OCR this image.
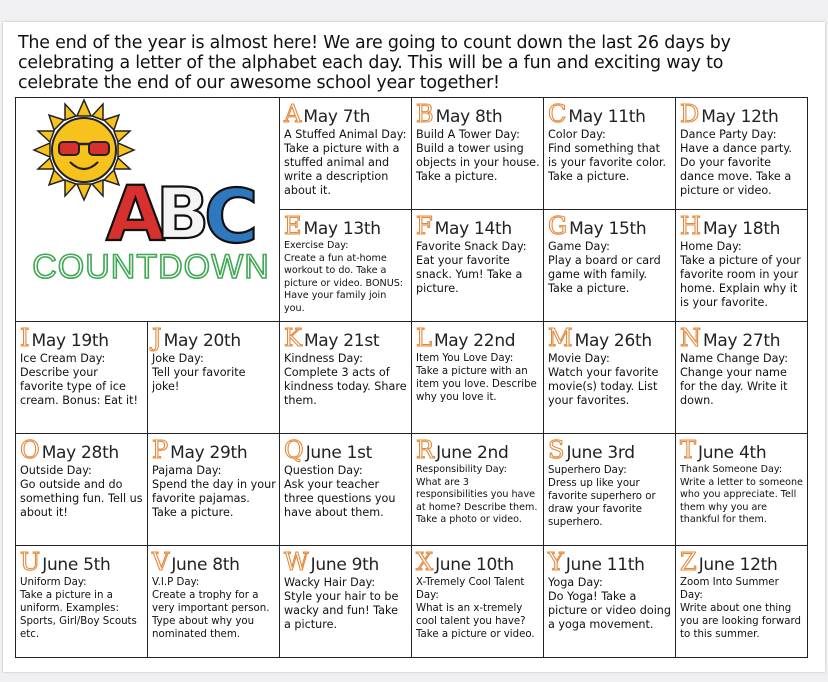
The end of the year is almost here! We are going to count down the last 26 days by celebrating a letter of the alphabet each day. This will be a fun and exciting way to celebrate the end of our awesome school year together!
A
B
C
COUNTDOWN
A May 7th
A Stuffed Animal Day:
Take a picture with a stuffed animal and write a description about it.
B May 8th
Build A Tower Day:
Build a tower using objects in your house. Take a picture.
C May 11th
Color Day:
Find something that is your favorite color. Take a picture.
D May 12th
Dance Party Day:
Have a dance party. Do your favorite dance move. Take a picture or video.
E May 13th
Exercise Day:
Create a fun at-home workout to do. Take a picture or video. BONUS: Have your family join you.
F May 14th
Favorite Snack Day:
Eat your favorite snack. Yum! Take a picture.
G May 15th
Game Day:
Play a board or card game with family. Take a picture.
H May 18th
Home Day:
Take a picture of your favorite room in your home. Explain why it is your favorite.
I May 19th
Ice Cream Day:
Describe your favorite type of ice cream. Bonus: Eat it!
J May 20th
Joke Day:
Tell your favorite joke!
K May 21st
Kindness Day:
Complete 3 acts of kindness today. Share them.
L May 22nd
Item You Love Day:
Take a picture with an item you love. Describe why you love it.
M May 26th
Movie Day:
Watch your favorite movie(s) today. List your favorites.
N May 27th
Name Change Day:
Change your name for the day. Write it down.
O May 28th
Outside Day:
Go outside and do something fun. Tell us about it!
P May 29th
Pajama Day:
Spend the day in your favorite pajamas. Take a picture.
Q June 1st
Question Day:
Ask your teacher three questions you have about them.
R June 2nd
Responsibility Day:
What are 3 responsibilities you have at home? Describe them. Take a photo or video.
S June 3rd
Superhero Day:
Dress up like your favorite superhero or draw your favorite superhero.
T June 4th
Thank Someone Day:
Write a letter to someone who you appreciate. Tell them why you are thankful for them.
U June 5th
Uniform Day:
Take a picture in a uniform. Examples: Sports, Girl/Boy Scouts etc.
V June 8th
V.I.P Day:
Create a trophy for a very important person. Type about why you nominated them.
W June 9th
Wacky Hair Day:
Style your hair to be wacky and fun! Take a picture.
X June 10th
X-Tremely Cool Talent Day:
What is an x-tremely cool talent you have? Take a picture or video.
Y June 11th
Yoga Day:
Do Yoga! Take a picture or video doing a yoga movement.
Z June 12th
Zoom Into Summer Day:
Write about one thing you are looking forward to this summer.
